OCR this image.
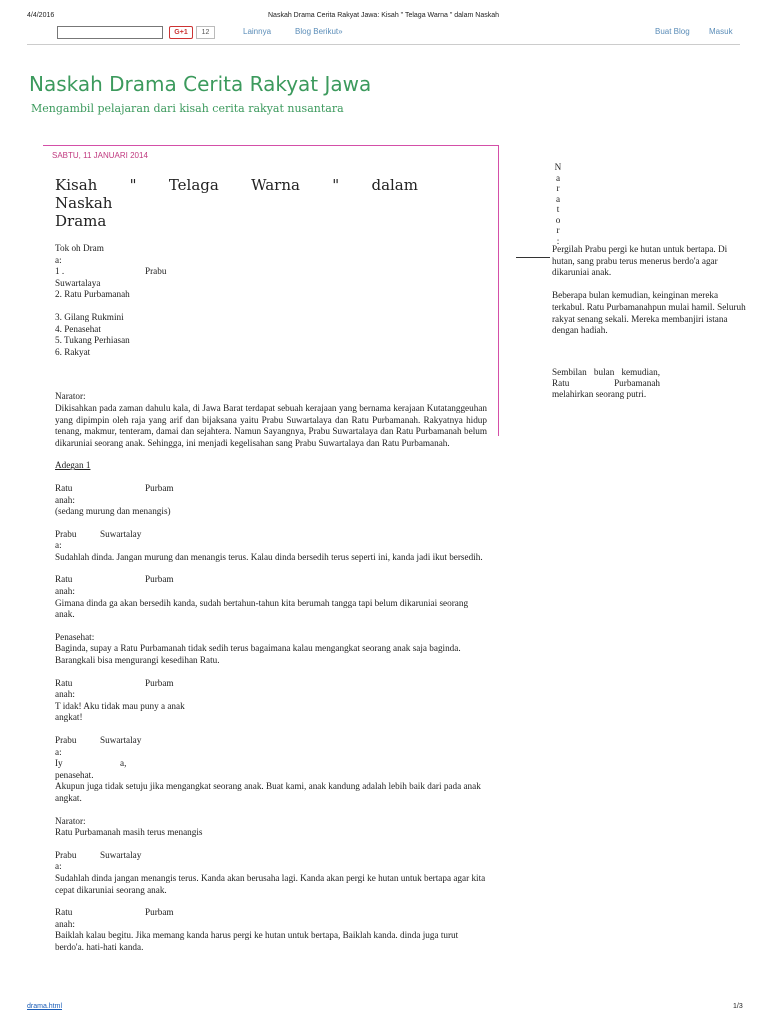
4/4/2016	Naskah Drama Cerita Rakyat Jawa: Kisah " Telaga Warna " dalam Naskah
G+1	12	Lainnya	Blog Berikut»	Buat Blog Masuk
Naskah Drama Cerita Rakyat Jawa
Mengambil pelajaran dari kisah cerita rakyat nusantara
SABTU, 11 JANUARI 2014
Kisah " Telaga Warna " dalam
Naskah
Drama

Tok oh Dram

a:

1 .	Prabu

Suwartalaya

2. Ratu Purbamanah

3. Gilang Rukmini

4. Penasehat

5. Tukang Perhiasan

6. Rakyat

Narator:

Dikisahkan pada zaman dahulu kala, di Jawa Barat terdapat sebuah kerajaan yang bernama kerajaan Kutatanggeuhan yang dipimpin oleh raja yang arif dan bijaksana yaitu Prabu Suwartalaya dan Ratu Purbamanah. Rakyatnya hidup tenang, makmur, tenteram, damai dan sejahtera. Namun Sayangnya, Prabu Suwartalaya dan Ratu Purbamanah belum dikaruniai seorang anak. Sehingga, ini menjadi kegelisahan sang Prabu Suwartalaya dan Ratu Purbamanah.

Adegan 1

Ratu	Purbam

anah:

(sedang murung dan menangis)

Prabu	Suwartalay

a:

Sudahlah dinda. Jangan murung dan menangis terus. Kalau dinda bersedih terus seperti ini, kanda jadi ikut bersedih.

Ratu	Purbam

anah:

Gimana dinda ga akan bersedih kanda, sudah bertahun-tahun kita berumah tangga tapi belum dikaruniai seorang anak.

Penasehat:

Baginda, supay a Ratu Purbamanah tidak sedih terus bagaimana kalau mengangkat seorang anak saja baginda. Barangkali bisa mengurangi kesedihan Ratu.

Ratu	Purbam

anah:

T idak! Aku tidak mau puny a anak

angkat!

Prabu	Suwartalay

a:

Iy	a,

penasehat.

Akupun juga tidak setuju jika mengangkat seorang anak. Buat kami, anak kandung adalah lebih baik dari pada anak angkat.

Narator:

Ratu Purbamanah masih terus menangis

Prabu	Suwartalay

a:

Sudahlah dinda jangan menangis terus. Kanda akan berusaha lagi. Kanda akan pergi ke hutan untuk bertapa agar kita cepat dikaruniai seorang anak.

Ratu	Purbam

anah:

Baiklah kalau begitu. Jika memang kanda harus pergi ke hutan untuk bertapa, Baiklah kanda. dinda juga turut berdo'a. hati-hati kanda.

N
a
r
a
t
o
r
:

Pergilah Prabu pergi ke hutan untuk bertapa. Di hutan, sang prabu terus menerus berdo'a agar dikaruniai anak.

Beberapa bulan kemudian, keinginan mereka terkabul. Ratu Purbamanahpun mulai hamil. Seluruh rakyat senang sekali. Mereka membanjiri istana dengan hadiah.

Sembilan bulan kemudian, Ratu Purbamanah melahirkan seorang putri.
drama.html	1/3
